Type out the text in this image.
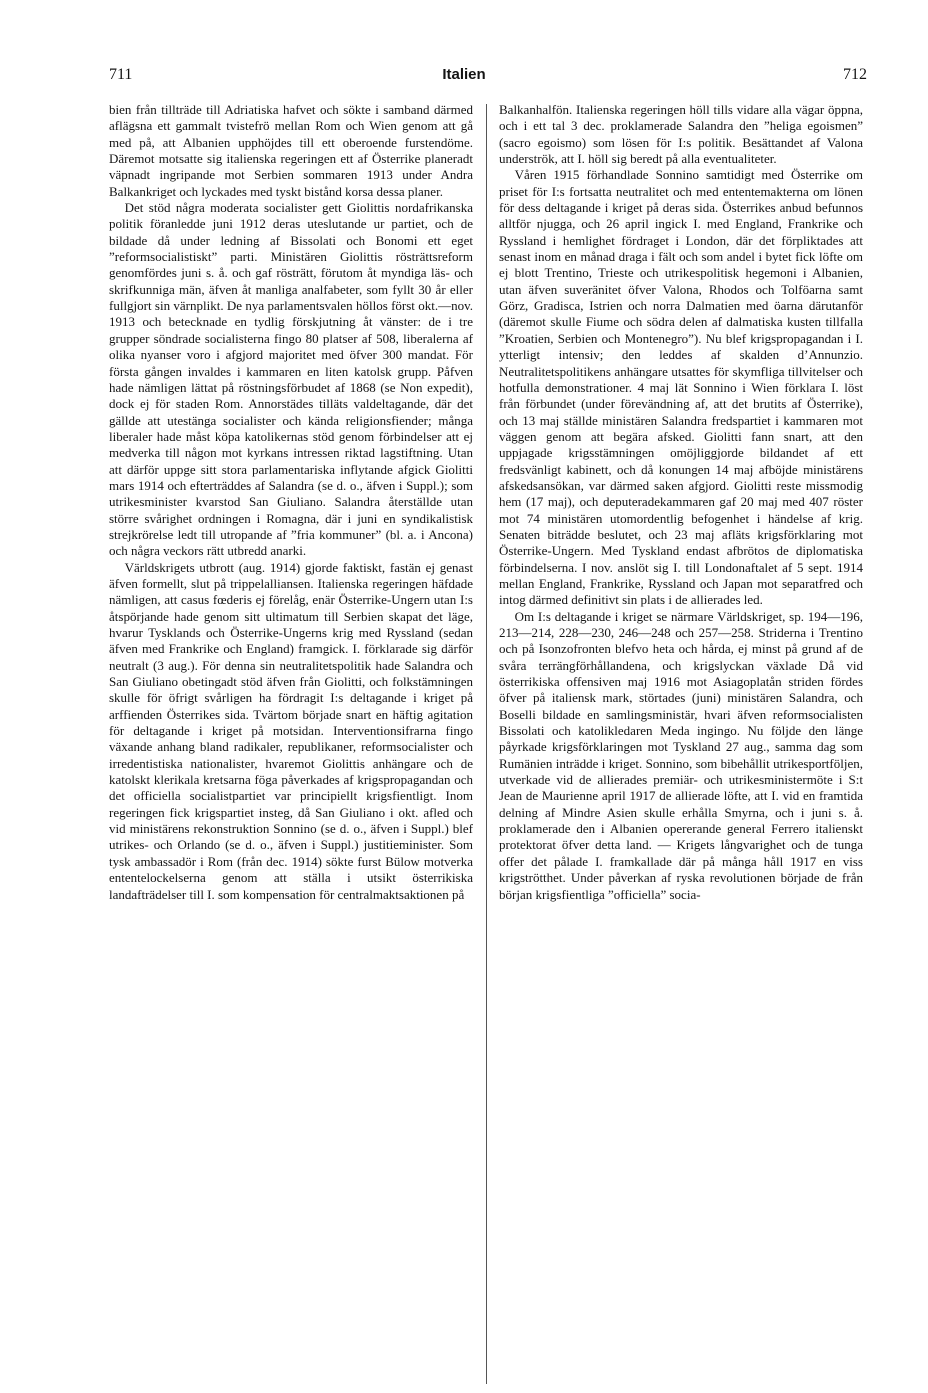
711	Italien	712

bien från tillträde till Adriatiska hafvet och sökte i samband därmed aflägsna ett gammalt tvistefrö mellan Rom och Wien genom att gå med på, att Albanien upphöjdes till ett oberoende furstendöme. Däremot motsatte sig italienska regeringen ett af Österrike planeradt väpnadt ingripande mot Serbien sommaren 1913 under Andra Balkankriget och lyckades med tyskt bistånd korsa dessa planer.

Det stöd några moderata socialister gett Giolittis nordafrikanska politik föranledde juni 1912 deras uteslutande ur partiet, och de bildade då under ledning af Bissolati och Bonomi ett eget ”reformsocialistiskt” parti. Ministären Giolittis rösträttsreform genomfördes juni s. å. och gaf rösträtt, förutom åt myndiga läs- och skrifkunniga män, äfven åt manliga analfabeter, som fyllt 30 år eller fullgjort sin värnplikt. De nya parlamentsvalen höllos först okt.—nov. 1913 och betecknade en tydlig förskjutning åt vänster: de i tre grupper söndrade socialisterna fingo 80 platser af 508, liberalerna af olika nyanser voro i afgjord majoritet med öfver 300 mandat. För första gången invaldes i kammaren en liten katolsk grupp. Påfven hade nämligen lättat på röstningsförbudet af 1868 (se Non expedit), dock ej för staden Rom. Annorstädes tilläts valdeltagande, där det gällde att utestänga socialister och kända religionsfiender; många liberaler hade måst köpa katolikernas stöd genom förbindelser att ej medverka till någon mot kyrkans intressen riktad lagstiftning. Utan att därför uppge sitt stora parlamentariska inflytande afgick Giolitti mars 1914 och efterträddes af Salandra (se d. o., äfven i Suppl.); som utrikesminister kvarstod San Giuliano. Salandra återställde utan större svårighet ordningen i Romagna, där i juni en syndikalistisk strejkrörelse ledt till utropande af ”fria kommuner” (bl. a. i Ancona) och några veckors rätt utbredd anarki.

Världskrigets utbrott (aug. 1914) gjorde faktiskt, fastän ej genast äfven formellt, slut på trippelalliansen. Italienska regeringen häfdade nämligen, att casus fœderis ej förelåg, enär Österrike-Ungern utan I:s åtspörjande hade genom sitt ultimatum till Serbien skapat det läge, hvarur Tysklands och Österrike-Ungerns krig med Ryssland (sedan äfven med Frankrike och England) framgick. I. förklarade sig därför neutralt (3 aug.). För denna sin neutralitetspolitik hade Salandra och San Giuliano obetingadt stöd äfven från Giolitti, och folkstämningen skulle för öfrigt svårligen ha fördragit I:s deltagande i kriget på arffienden Österrikes sida. Tvärtom började snart en häftig agitation för deltagande i kriget på motsidan. Interventionsifrarna fingo växande anhang bland radikaler, republikaner, reformsocialister och irredentistiska nationalister, hvaremot Giolittis anhängare och de katolskt klerikala kretsarna föga påverkades af krigspropagandan och det officiella socialistpartiet var principiellt krigsfientligt. Inom regeringen fick krigspartiet insteg, då San Giuliano i okt. afled och vid ministärens rekonstruktion Sonnino (se d. o., äfven i Suppl.) blef utrikes- och Orlando (se d. o., äfven i Suppl.) justitieminister. Som tysk ambassadör i Rom (från dec. 1914) sökte furst Bülow motverka ententelockelserna genom att ställa i utsikt österrikiska landafträdelser till I. som kompensation för centralmaktsaktionen på

Balkanhalfön. Italienska regeringen höll tills vidare alla vägar öppna, och i ett tal 3 dec. proklamerade Salandra den ”heliga egoismen” (sacro egoismo) som lösen för I:s politik. Besättandet af Valona underströk, att I. höll sig beredt på alla eventualiteter.

Våren 1915 förhandlade Sonnino samtidigt med Österrike om priset för I:s fortsatta neutralitet och med ententemakterna om lönen för dess deltagande i kriget på deras sida. Österrikes anbud befunnos alltför njugga, och 26 april ingick I. med England, Frankrike och Ryssland i hemlighet fördraget i London, där det förpliktades att senast inom en månad draga i fält och som andel i bytet fick löfte om ej blott Trentino, Trieste och utrikespolitisk hegemoni i Albanien, utan äfven suveränitet öfver Valona, Rhodos och Tolföarna samt Görz, Gradisca, Istrien och norra Dalmatien med öarna därutanför (däremot skulle Fiume och södra delen af dalmatiska kusten tillfalla ”Kroatien, Serbien och Montenegro”). Nu blef krigspropagandan i I. ytterligt intensiv; den leddes af skalden d’Annunzio. Neutralitetspolitikens anhängare utsattes för skymfliga tillvitelser och hotfulla demonstrationer. 4 maj lät Sonnino i Wien förklara I. löst från förbundet (under förevändning af, att det brutits af Österrike), och 13 maj ställde ministären Salandra fredspartiet i kammaren mot väggen genom att begära afsked. Giolitti fann snart, att den uppjagade krigsstämningen omöjliggjorde bildandet af ett fredsvänligt kabinett, och då konungen 14 maj afböjde ministärens afskedsansökan, var därmed saken afgjord. Giolitti reste missmodig hem (17 maj), och deputeradekammaren gaf 20 maj med 407 röster mot 74 ministären utomordentlig befogenhet i händelse af krig. Senaten biträdde beslutet, och 23 maj afläts krigsförklaring mot Österrike-Ungern. Med Tyskland endast afbrötos de diplomatiska förbindelserna. I nov. anslöt sig I. till Londonaftalet af 5 sept. 1914 mellan England, Frankrike, Ryssland och Japan mot separatfred och intog därmed definitivt sin plats i de allierades led.

Om I:s deltagande i kriget se närmare Världskriget, sp. 194—196, 213—214, 228—230, 246—248 och 257—258. Striderna i Trentino och på Isonzofronten blefvo heta och hårda, ej minst på grund af de svåra terrängförhållandena, och krigslyckan växlade Då vid österrikiska offensiven maj 1916 mot Asiagoplatån striden fördes öfver på italiensk mark, störtades (juni) ministären Salandra, och Boselli bildade en samlingsministär, hvari äfven reformsocialisten Bissolati och katolikledaren Meda ingingo. Nu följde den länge påyrkade krigsförklaringen mot Tyskland 27 aug., samma dag som Rumänien inträdde i kriget. Sonnino, som bibehållit utrikesportföljen, utverkade vid de allierades premiär- och utrikesministermöte i S:t Jean de Maurienne april 1917 de allierade löfte, att I. vid en framtida delning af Mindre Asien skulle erhålla Smyrna, och i juni s. å. proklamerade den i Albanien opererande general Ferrero italienskt protektorat öfver detta land. — Krigets långvarighet och de tunga offer det pålade I. framkallade där på många håll 1917 en viss krigströtthet. Under påverkan af ryska revolutionen började de från början krigsfientliga ”officiella” socia-
